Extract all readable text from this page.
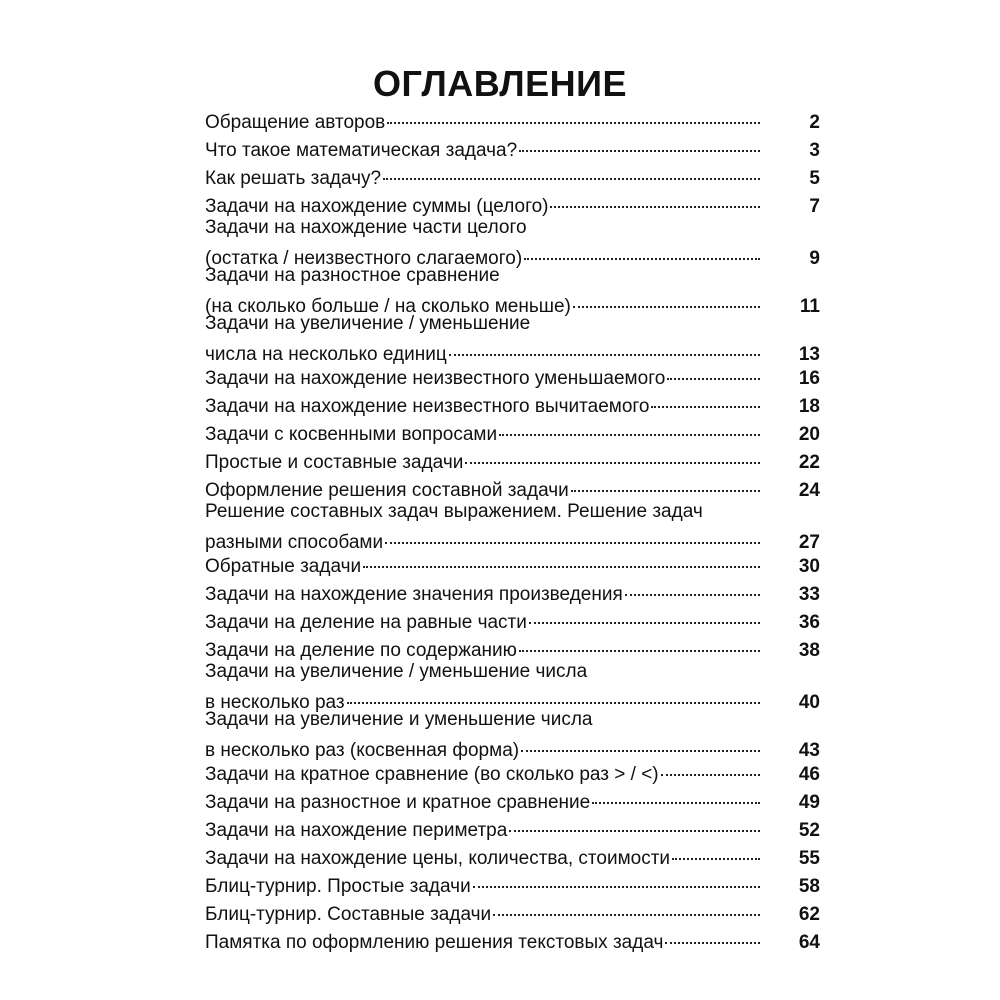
ОГЛАВЛЕНИЕ
Обращение авторов	2
Что такое математическая задача?	3
Как решать задачу?	5
Задачи на нахождение суммы (целого)	7
Задачи на нахождение части целого
(остатка / неизвестного слагаемого)	9
Задачи на разностное сравнение
(на сколько больше / на сколько меньше)	11
Задачи на увеличение / уменьшение
числа на несколько единиц	13
Задачи на нахождение неизвестного уменьшаемого	16
Задачи на нахождение неизвестного вычитаемого	18
Задачи с косвенными вопросами	20
Простые и составные задачи	22
Оформление решения составной задачи	24
Решение составных задач выражением. Решение задач
разными способами	27
Обратные задачи	30
Задачи на нахождение значения произведения	33
Задачи на деление на равные части	36
Задачи на деление по содержанию	38
Задачи на увеличение / уменьшение числа
в несколько раз	40
Задачи на увеличение и уменьшение числа
в несколько раз (косвенная форма)	43
Задачи на кратное сравнение (во сколько раз > / <)	46
Задачи на разностное и кратное сравнение	49
Задачи на нахождение периметра	52
Задачи на нахождение цены, количества, стоимости	55
Блиц-турнир. Простые задачи	58
Блиц-турнир. Составные задачи	62
Памятка по оформлению решения текстовых задач	64
